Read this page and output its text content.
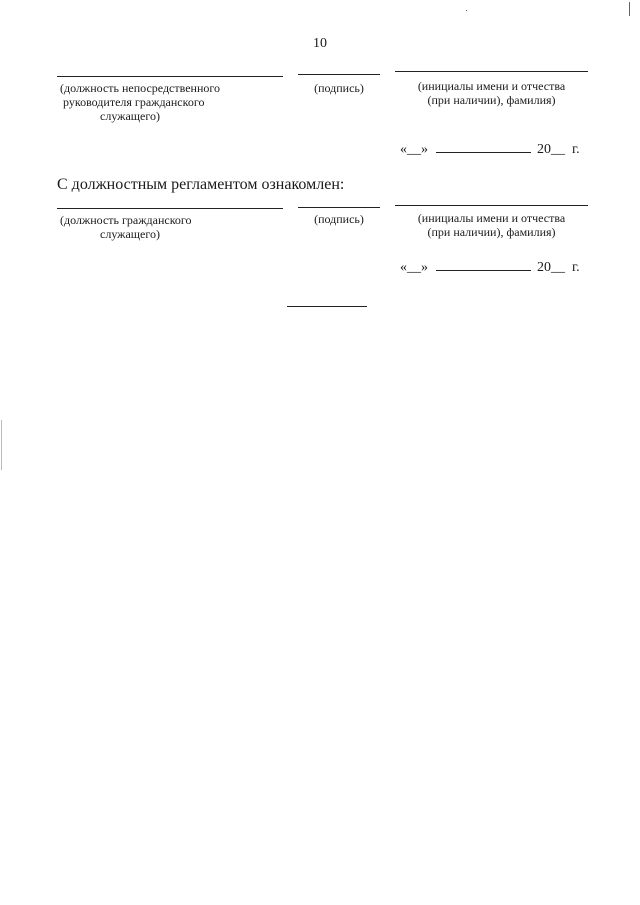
10
(должность непосредственного
руководителя гражданского
служащего)
(подпись)	(инициалы имени и отчества
(при наличии), фамилия)
«__»	20__ г.
С должностным регламентом ознакомлен:
(должность гражданского
служащего)
(подпись)	(инициалы имени и отчества
(при наличии), фамилия)
«__»	20__ г.
